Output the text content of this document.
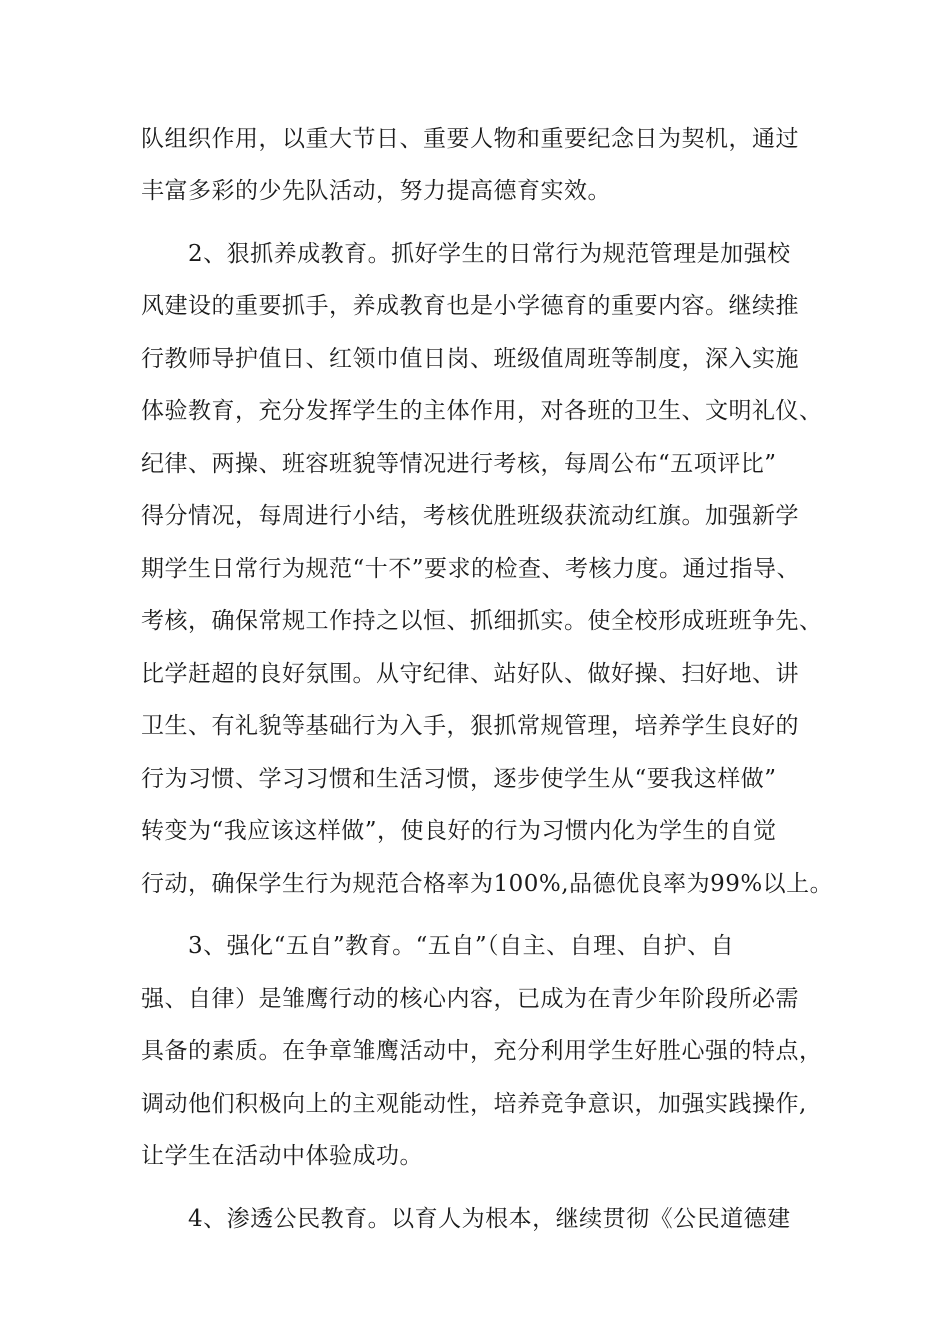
队组织作用，以重大节日、重要人物和重要纪念日为契机，通过
丰富多彩的少先队活动，努力提高德育实效。
2、狠抓养成教育。抓好学生的日常行为规范管理是加强校
风建设的重要抓手，养成教育也是小学德育的重要内容。继续推
行教师导护值日、红领巾值日岗、班级值周班等制度，深入实施
体验教育，充分发挥学生的主体作用，对各班的卫生、文明礼仪、
纪律、两操、班容班貌等情况进行考核，每周公布“五项评比”
得分情况，每周进行小结，考核优胜班级获流动红旗。加强新学
期学生日常行为规范“十不”要求的检查、考核力度。通过指导、
考核，确保常规工作持之以恒、抓细抓实。使全校形成班班争先、
比学赶超的良好氛围。从守纪律、站好队、做好操、扫好地、讲
卫生、有礼貌等基础行为入手，狠抓常规管理，培养学生良好的
行为习惯、学习习惯和生活习惯，逐步使学生从“要我这样做”
转变为“我应该这样做”，使良好的行为习惯内化为学生的自觉
行动，确保学生行为规范合格率为100%,品德优良率为99%以上。
3、强化“五自”教育。“五自”（自主、自理、自护、自
强、自律）是雏鹰行动的核心内容，已成为在青少年阶段所必需
具备的素质。在争章雏鹰活动中，充分利用学生好胜心强的特点，
调动他们积极向上的主观能动性，培养竞争意识，加强实践操作,
让学生在活动中体验成功。
4、渗透公民教育。以育人为根本，继续贯彻《公民道德建
